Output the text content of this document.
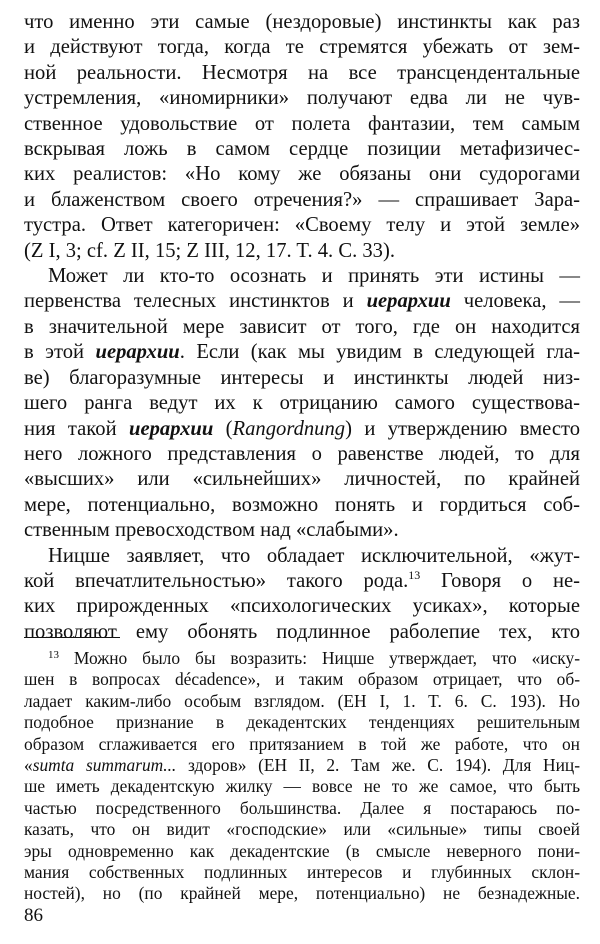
что именно эти самые (нездоровые) инстинкты как раз
и действуют тогда, когда те стремятся убежать от зем-
ной реальности. Несмотря на все трансцендентальные
устремления, «иномирники» получают едва ли не чув-
ственное удовольствие от полета фантазии, тем самым
вскрывая ложь в самом сердце позиции метафизичес-
ких реалистов: «Но кому же обязаны они судорогами
и блаженством своего отречения?» — спрашивает Зара-
тустра. Ответ категоричен: «Своему телу и этой земле»
(Z I, 3; cf. Z II, 15; Z III, 12, 17. T. 4. C. 33).
Может ли кто-то осознать и принять эти истины —
первенства телесных инстинктов и иерархии человека, —
в значительной мере зависит от того, где он находится
в этой иерархии. Если (как мы увидим в следующей гла-
ве) благоразумные интересы и инстинкты людей низ-
шего ранга ведут их к отрицанию самого существова-
ния такой иерархии (Rangordnung) и утверждению вместо
него ложного представления о равенстве людей, то для
«высших» или «сильнейших» личностей, по крайней
мере, потенциально, возможно понять и гордиться соб-
ственным превосходством над «слабыми».
Ницше заявляет, что обладает исключительной, «жут-
кой впечатлительностью» такого рода.$^{13}$ Говоря о не-
ких прирожденных «психологических усиках», которые
позволяют ему обонять подлинное раболепие тех, кто
$^{13}$ Можно было бы возразить: Ницше утверждает, что «иску-
шен в вопросах décadence», и таким образом отрицает, что об-
ладает каким-либо особым взглядом. (EH I, 1. T. 6. C. 193). Но
подобное признание в декадентских тенденциях решительным
образом сглаживается его притязанием в той же работе, что он
«sumta summarum... здоров» (EH II, 2. Там же. С. 194). Для Ниц-
ше иметь декадентскую жилку — вовсе не то же самое, что быть
частью посредственного большинства. Далее я постараюсь по-
казать, что он видит «господские» или «сильные» типы своей
эры одновременно как декадентские (в смысле неверного пони-
мания собственных подлинных интересов и глубинных склон-
ностей), но (по крайней мере, потенциально) не безнадежные.
86
